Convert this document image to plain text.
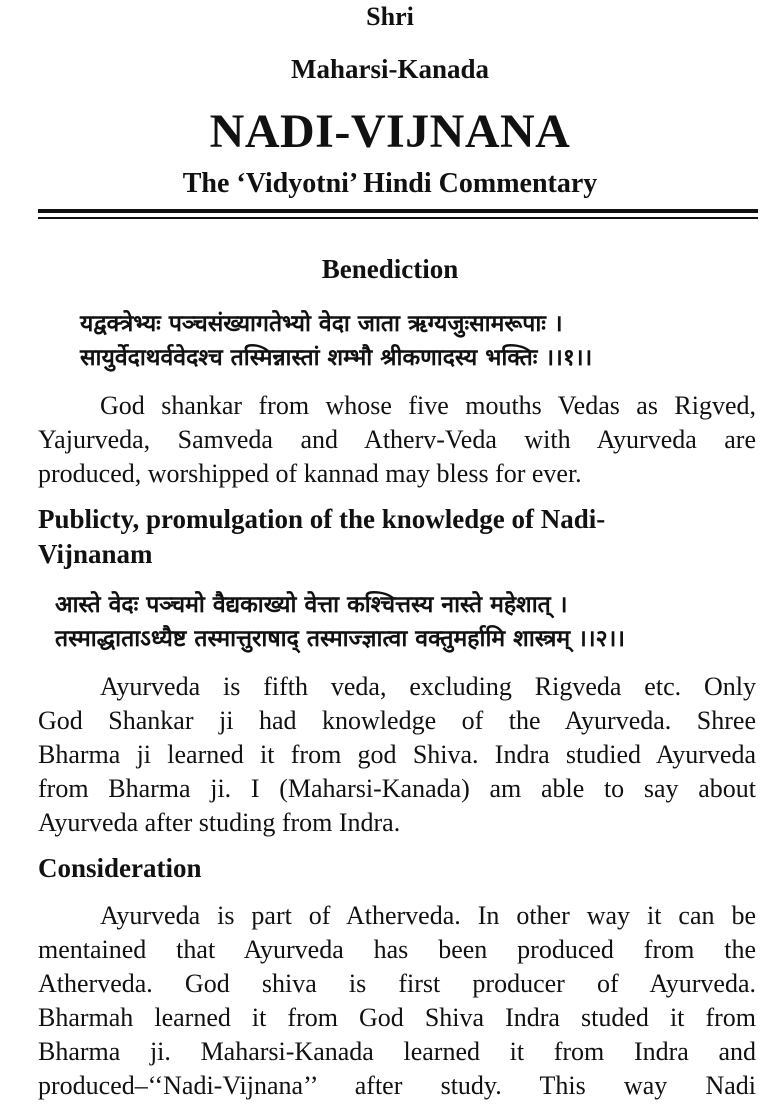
Shri
Maharsi-Kanada
NADI-VIJNANA
The ‘Vidyotni’ Hindi Commentary
Benediction
यद्वक्त्रेभ्यः पञ्चसंख्यागतेभ्यो वेदा जाता ऋग्यजुःसामरूपाः ।
सायुर्वेदाथर्ववेदश्च तस्मिन्नास्तां शम्भौ श्रीकणादस्य भक्तिः ।।१।।
God shankar from whose five mouths Vedas as Rigved,
Yajurveda, Samveda and Atherv-Veda with Ayurveda are
produced, worshipped of kannad may bless for ever.
Publicty, promulgation of the knowledge of Nadi-
Vijnanam
आस्ते वेदः पञ्चमो वैद्यकाख्यो वेत्ता कश्चित्तस्य नास्ते महेशात् ।
तस्माद्धाताऽध्यैष्ट तस्मात्तुराषाद् तस्माज्ज्ञात्वा वक्तुमर्हामि शास्त्रम् ।।२।।
Ayurveda is fifth veda, excluding Rigveda etc. Only
God Shankar ji had knowledge of the Ayurveda. Shree
Bharma ji learned it from god Shiva. Indra studied Ayurveda
from Bharma ji. I (Maharsi-Kanada) am able to say about
Ayurveda after studing from Indra.
Consideration
Ayurveda is part of Atherveda. In other way it can be
mentained that Ayurveda has been produced from the
Atherveda. God shiva is first producer of Ayurveda.
Bharmah learned it from God Shiva Indra studed it from
Bharma ji. Maharsi-Kanada learned it from Indra and
produced–‘‘Nadi-Vijnana’’ after study. This way Nadi
